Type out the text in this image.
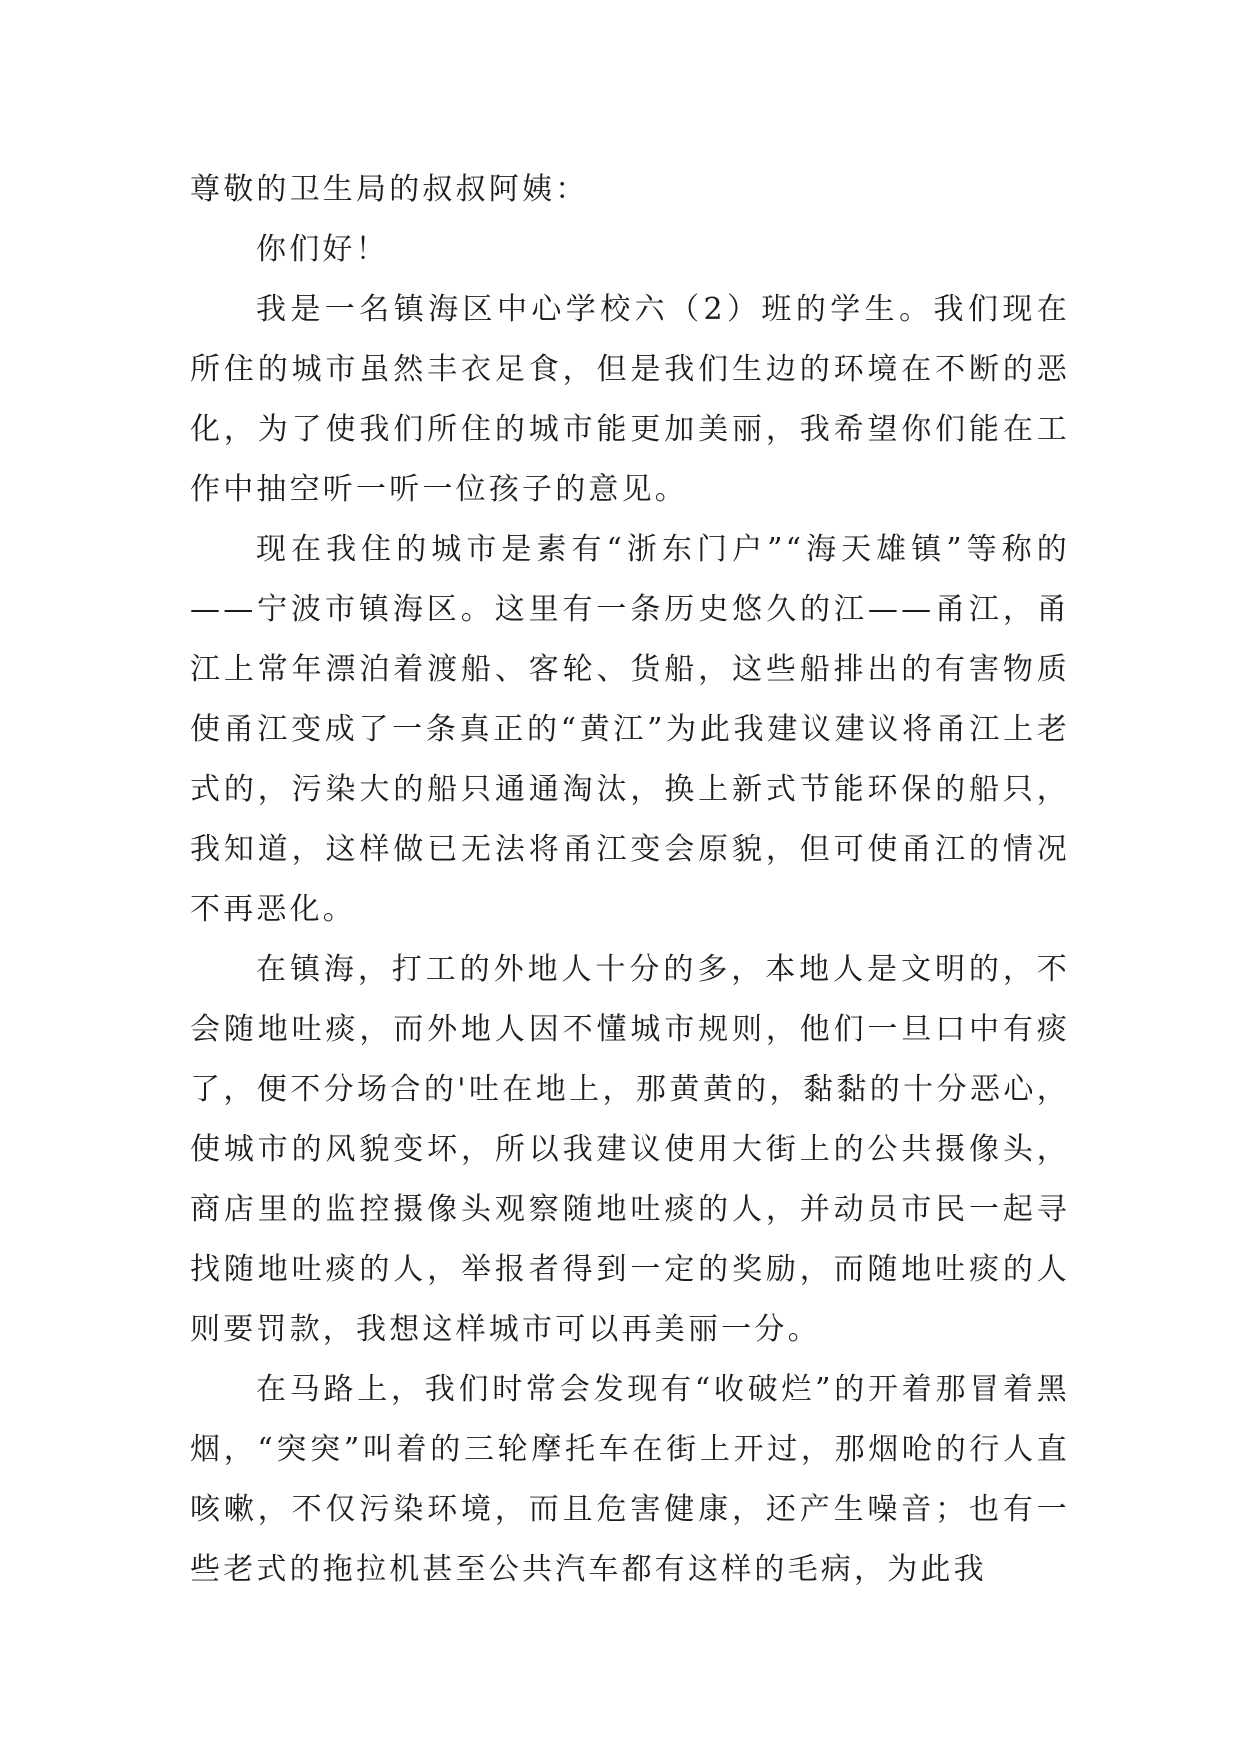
尊敬的卫生局的叔叔阿姨：

你们好！

我是一名镇海区中心学校六（2）班的学生。我们现在所住的城市虽然丰衣足食，但是我们生边的环境在不断的恶化，为了使我们所住的城市能更加美丽，我希望你们能在工作中抽空听一听一位孩子的意见。

现在我住的城市是素有“浙东门户”“海天雄镇”等称的——宁波市镇海区。这里有一条历史悠久的江——甬江，甬江上常年漂泊着渡船、客轮、货船，这些船排出的有害物质使甬江变成了一条真正的“黄江”为此我建议建议将甬江上老式的，污染大的船只通通淘汰，换上新式节能环保的船只，我知道，这样做已无法将甬江变会原貌，但可使甬江的情况不再恶化。

在镇海，打工的外地人十分的多，本地人是文明的，不会随地吐痰，而外地人因不懂城市规则，他们一旦口中有痰了，便不分场合的'吐在地上，那黄黄的，黏黏的十分恶心，使城市的风貌变坏，所以我建议使用大街上的公共摄像头，商店里的监控摄像头观察随地吐痰的人，并动员市民一起寻找随地吐痰的人，举报者得到一定的奖励，而随地吐痰的人则要罚款，我想这样城市可以再美丽一分。

在马路上，我们时常会发现有“收破烂”的开着那冒着黑烟，“突突”叫着的三轮摩托车在街上开过，那烟呛的行人直咳嗽，不仅污染环境，而且危害健康，还产生噪音；也有一些老式的拖拉机甚至公共汽车都有这样的毛病，为此我
